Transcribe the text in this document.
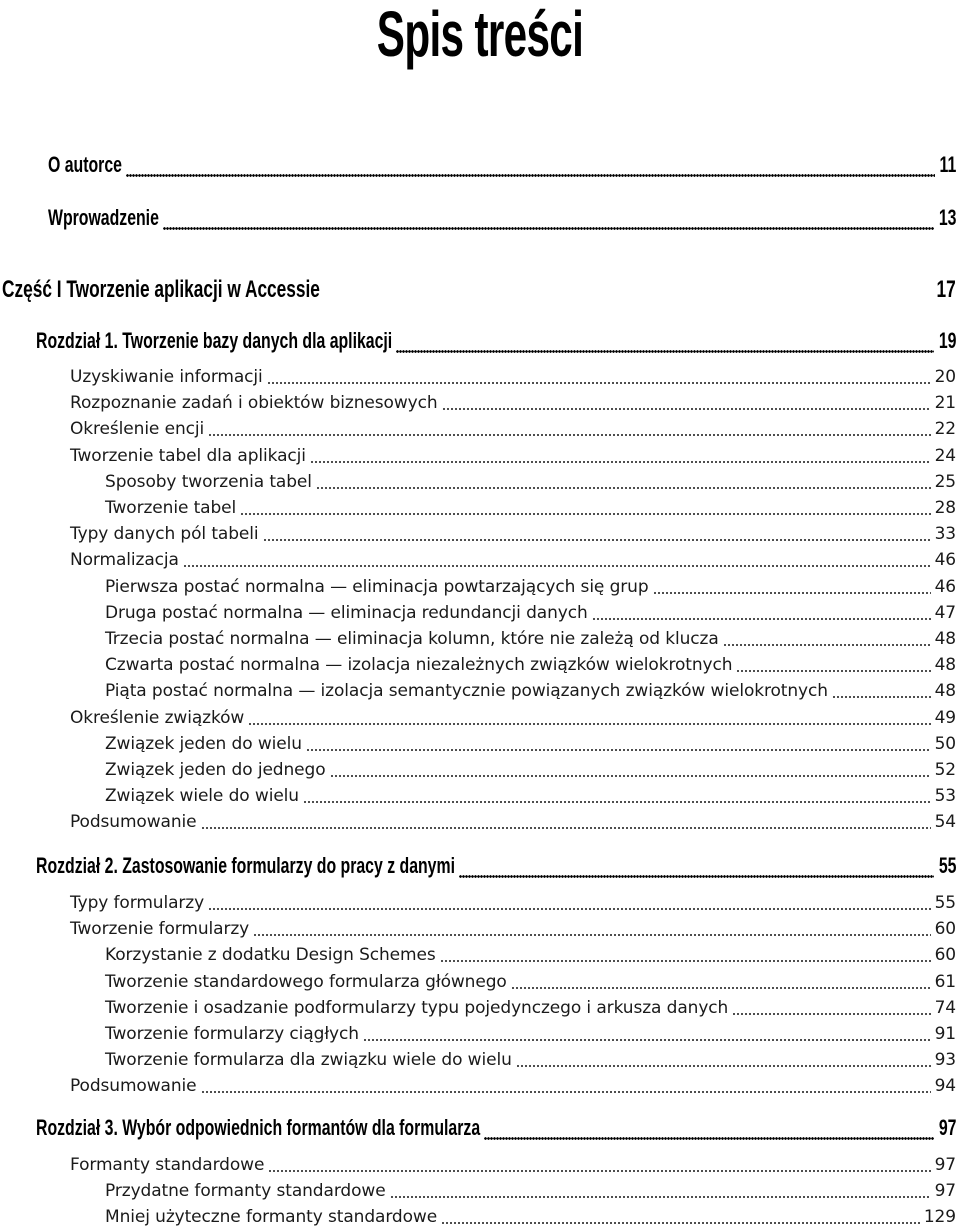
Spis treści
O autorce	11
Wprowadzenie	13
Część I Tworzenie aplikacji w Accessie	17
Rozdział 1. Tworzenie bazy danych dla aplikacji	19
Uzyskiwanie informacji	20
Rozpoznanie zadań i obiektów biznesowych	21
Określenie encji	22
Tworzenie tabel dla aplikacji	24
Sposoby tworzenia tabel	25
Tworzenie tabel	28
Typy danych pól tabeli	33
Normalizacja	46
Pierwsza postać normalna — eliminacja powtarzających się grup	46
Druga postać normalna — eliminacja redundancji danych	47
Trzecia postać normalna — eliminacja kolumn, które nie zależą od klucza	48
Czwarta postać normalna — izolacja niezależnych związków wielokrotnych	48
Piąta postać normalna — izolacja semantycznie powiązanych związków wielokrotnych	48
Określenie związków	49
Związek jeden do wielu	50
Związek jeden do jednego	52
Związek wiele do wielu	53
Podsumowanie	54
Rozdział 2. Zastosowanie formularzy do pracy z danymi	55
Typy formularzy	55
Tworzenie formularzy	60
Korzystanie z dodatku Design Schemes	60
Tworzenie standardowego formularza głównego	61
Tworzenie i osadzanie podformularzy typu pojedynczego i arkusza danych	74
Tworzenie formularzy ciągłych	91
Tworzenie formularza dla związku wiele do wielu	93
Podsumowanie	94
Rozdział 3. Wybór odpowiednich formantów dla formularza	97
Formanty standardowe	97
Przydatne formanty standardowe	97
Mniej użyteczne formanty standardowe	129
